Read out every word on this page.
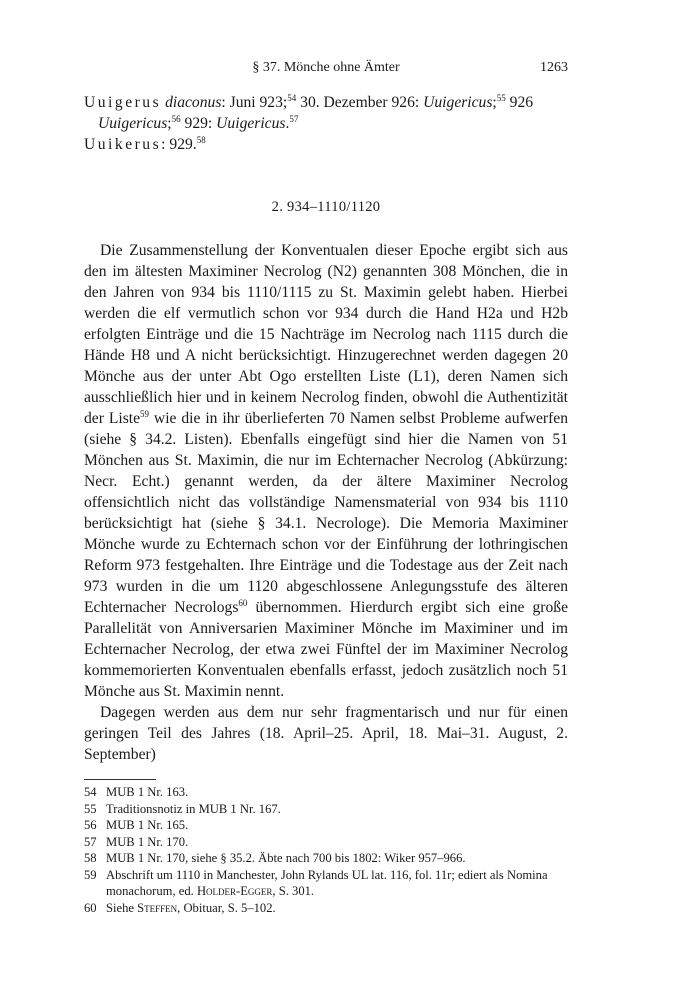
§ 37. Mönche ohne Ämter	1263
Uuigerus diaconus: Juni 923;$^{54}$ 30. Dezember 926: Uuigericus;$^{55}$ 926 Uuigericus;$^{56}$ 929: Uuigericus.$^{57}$
Uuikerus: 929.58
2. 934–1110/1120

Die Zusammenstellung der Konventualen dieser Epoche ergibt sich aus den im ältesten Maximiner Necrolog (N2) genannten 308 Mönchen, die in den Jahren von 934 bis 1110/1115 zu St. Maximin gelebt haben. Hierbei werden die elf vermutlich schon vor 934 durch die Hand H2a und H2b erfolgten Einträge und die 15 Nachträge im Necrolog nach 1115 durch die Hände H8 und A nicht berücksichtigt. Hinzugerechnet werden dagegen 20 Mönche aus der unter Abt Ogo erstellten Liste (L1), deren Namen sich ausschließlich hier und in keinem Necrolog finden, obwohl die Authentizität der Liste$^{59}$ wie die in ihr überlieferten 70 Namen selbst Probleme aufwerfen (siehe § 34.2. Listen). Ebenfalls eingefügt sind hier die Namen von 51 Mönchen aus St. Maximin, die nur im Echternacher Necrolog (Abkürzung: Necr. Echt.) genannt werden, da der ältere Maximiner Necrolog offensichtlich nicht das vollständige Namensmaterial von 934 bis 1110 berücksichtigt hat (siehe § 34.1. Necrologe). Die Memoria Maximiner Mönche wurde zu Echternach schon vor der Einführung der lothringischen Reform 973 festgehalten. Ihre Einträge und die Todestage aus der Zeit nach 973 wurden in die um 1120 abgeschlossene Anlegungsstufe des älteren Echternacher Necrologs$^{60}$ übernommen. Hierdurch ergibt sich eine große Parallelität von Anniversarien Maximiner Mönche im Maximiner und im Echternacher Necrolog, der etwa zwei Fünftel der im Maximiner Necrolog kommemorierten Konventualen ebenfalls erfasst, jedoch zusätzlich noch 51 Mönche aus St. Maximin nennt.

Dagegen werden aus dem nur sehr fragmentarisch und nur für einen geringen Teil des Jahres (18. April–25. April, 18. Mai–31. August, 2. September)

54 MUB 1 Nr. 163.
55 Traditionsnotiz in MUB 1 Nr. 167.
56 MUB 1 Nr. 165.
57 MUB 1 Nr. 170.
58 MUB 1 Nr. 170, siehe § 35.2. Äbte nach 700 bis 1802: Wiker 957–966.
59 Abschrift um 1110 in Manchester, John Rylands UL lat. 116, fol. 11r; ediert als Nomina monachorum, ed. Holder-Egger, S. 301.
60 Siehe Steffen, Obituar, S. 5–102.
